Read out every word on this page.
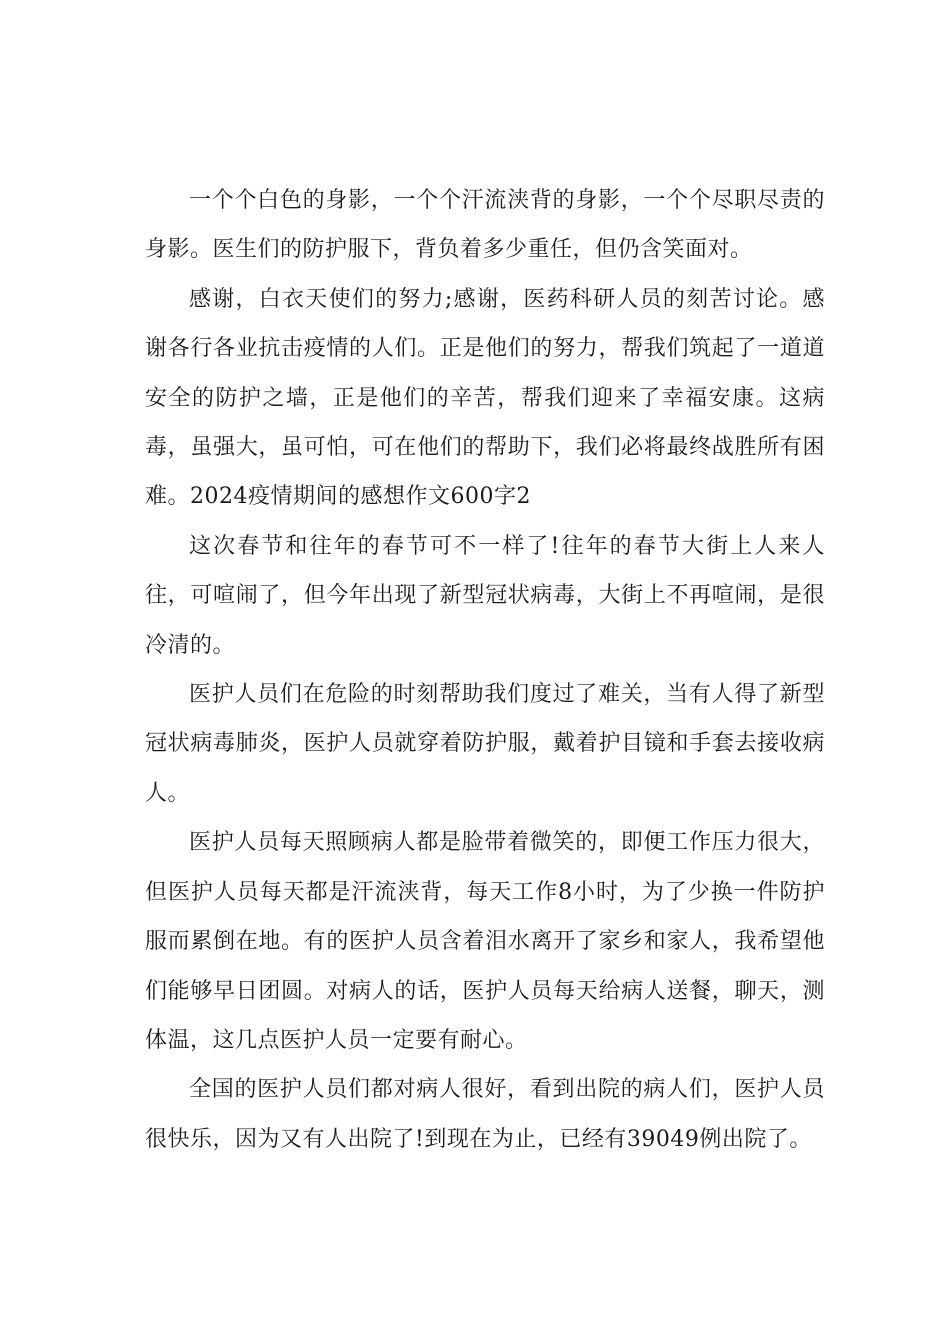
一个个白色的身影，一个个汗流浃背的身影，一个个尽职尽责的身影。医生们的防护服下，背负着多少重任，但仍含笑面对。

感谢，白衣天使们的努力;感谢，医药科研人员的刻苦讨论。感谢各行各业抗击疫情的人们。正是他们的努力，帮我们筑起了一道道安全的防护之墙，正是他们的辛苦，帮我们迎来了幸福安康。这病毒，虽强大，虽可怕，可在他们的帮助下，我们必将最终战胜所有困难。2024疫情期间的感想作文600字2

这次春节和往年的春节可不一样了!往年的春节大街上人来人往，可喧闹了，但今年出现了新型冠状病毒，大街上不再喧闹，是很冷清的。

医护人员们在危险的时刻帮助我们度过了难关，当有人得了新型冠状病毒肺炎，医护人员就穿着防护服，戴着护目镜和手套去接收病人。

医护人员每天照顾病人都是脸带着微笑的，即便工作压力很大，但医护人员每天都是汗流浃背，每天工作8小时，为了少换一件防护服而累倒在地。有的医护人员含着泪水离开了家乡和家人，我希望他们能够早日团圆。对病人的话，医护人员每天给病人送餐，聊天，测体温，这几点医护人员一定要有耐心。

全国的医护人员们都对病人很好，看到出院的病人们，医护人员很快乐，因为又有人出院了!到现在为止，已经有39049例出院了。
